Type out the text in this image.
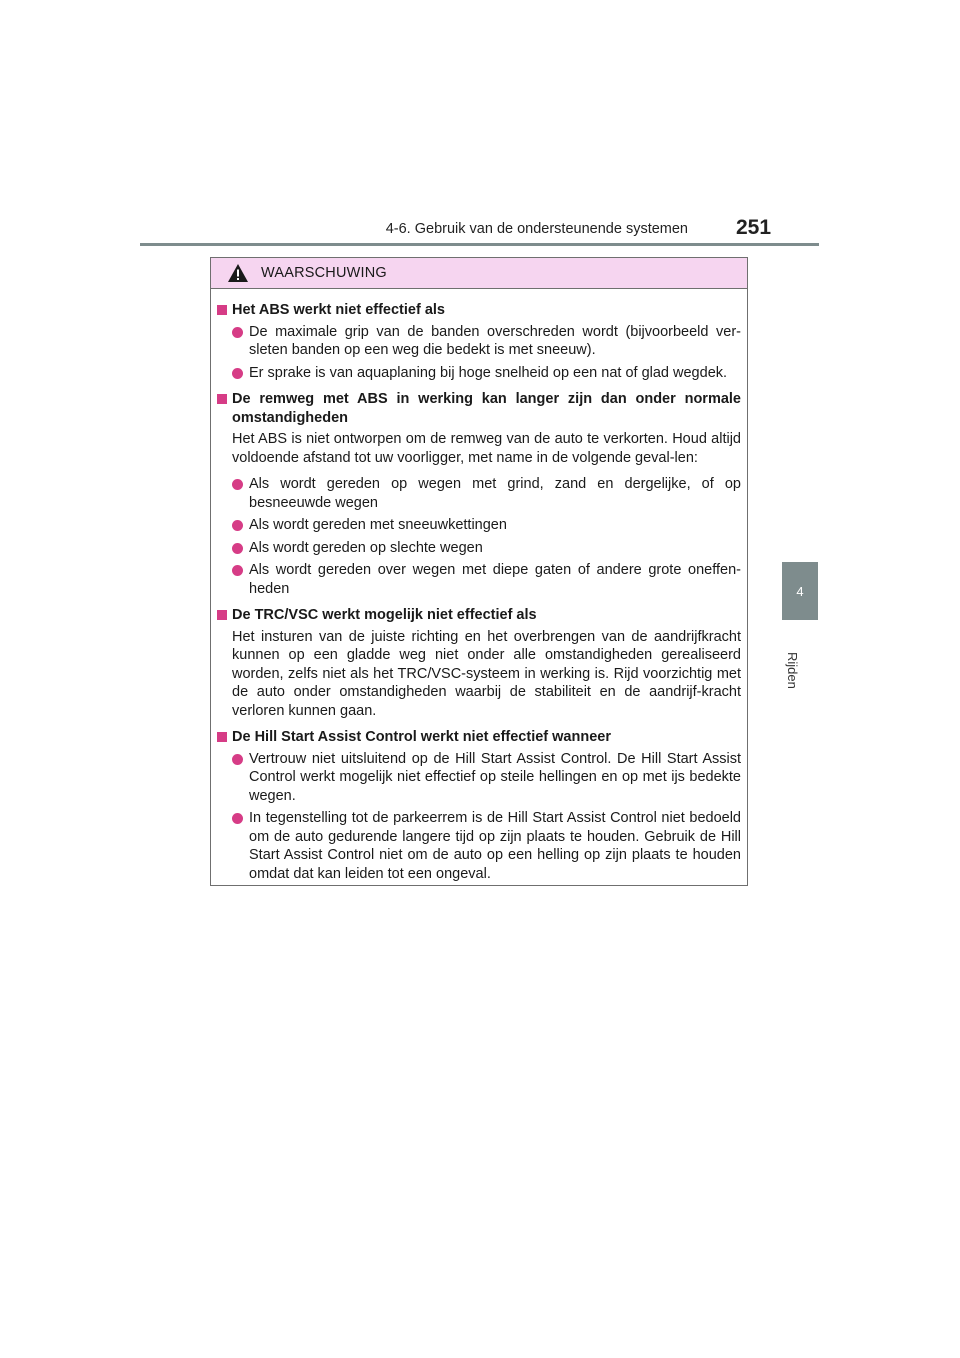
4-6. Gebruik van de ondersteunende systemen 251
4
Rijden
WAARSCHUWING
Het ABS werkt niet effectief als
De maximale grip van de banden overschreden wordt (bijvoorbeeld ver-sleten banden op een weg die bedekt is met sneeuw).
Er sprake is van aquaplaning bij hoge snelheid op een nat of glad wegdek.
De remweg met ABS in werking kan langer zijn dan onder normale omstandigheden
Het ABS is niet ontworpen om de remweg van de auto te verkorten. Houd altijd voldoende afstand tot uw voorligger, met name in de volgende geval-len:
Als wordt gereden op wegen met grind, zand en dergelijke, of op besneeuwde wegen
Als wordt gereden met sneeuwkettingen
Als wordt gereden op slechte wegen
Als wordt gereden over wegen met diepe gaten of andere grote oneffen-heden
De TRC/VSC werkt mogelijk niet effectief als
Het insturen van de juiste richting en het overbrengen van de aandrijfkracht kunnen op een gladde weg niet onder alle omstandigheden gerealiseerd worden, zelfs niet als het TRC/VSC-systeem in werking is. Rijd voorzichtig met de auto onder omstandigheden waarbij de stabiliteit en de aandrijf-kracht verloren kunnen gaan.
De Hill Start Assist Control werkt niet effectief wanneer
Vertrouw niet uitsluitend op de Hill Start Assist Control. De Hill Start Assist Control werkt mogelijk niet effectief op steile hellingen en op met ijs bedekte wegen.
In tegenstelling tot de parkeerrem is de Hill Start Assist Control niet bedoeld om de auto gedurende langere tijd op zijn plaats te houden. Gebruik de Hill Start Assist Control niet om de auto op een helling op zijn plaats te houden omdat dat kan leiden tot een ongeval.
